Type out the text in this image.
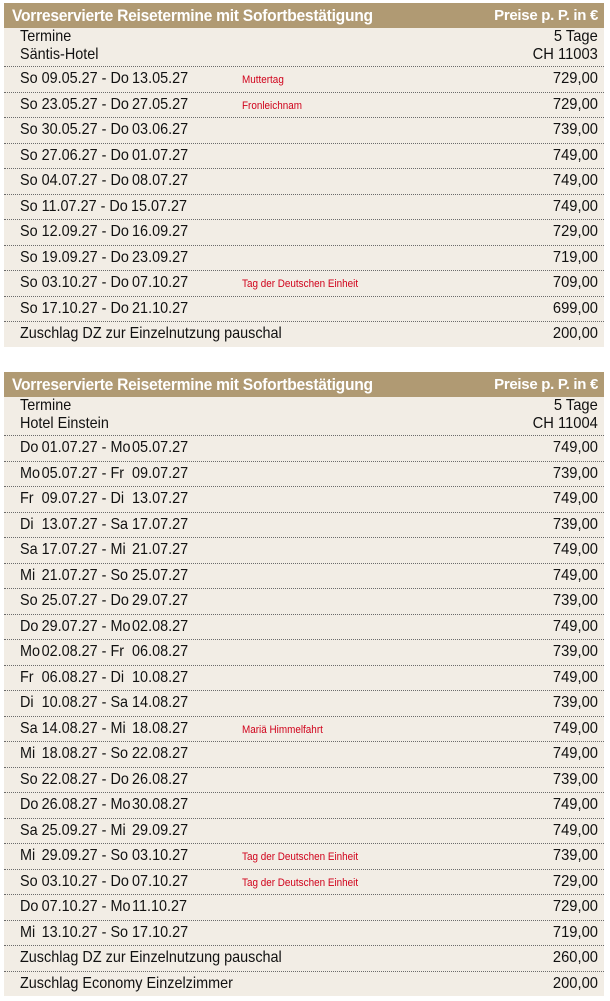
Vorreservierte Reisetermine mit Sofortbestätigung	Preise p. P. in €
Termine	5 Tage
Säntis-Hotel	CH 11003
So 09.05.27 - Do 13.05.27	Muttertag	729,00
So 23.05.27 - Do 27.05.27	Fronleichnam	729,00
So 30.05.27 - Do 03.06.27	739,00
So 27.06.27 - Do 01.07.27	749,00
So 04.07.27 - Do 08.07.27	749,00
So 11.07.27 - Do 15.07.27	749,00
So 12.09.27 - Do 16.09.27	729,00
So 19.09.27 - Do 23.09.27	719,00
So 03.10.27 - Do 07.10.27	Tag der Deutschen Einheit	709,00
So 17.10.27 - Do 21.10.27	699,00
Zuschlag DZ zur Einzelnutzung pauschal	200,00
Vorreservierte Reisetermine mit Sofortbestätigung	Preise p. P. in €
Termine	5 Tage
Hotel Einstein	CH 11004
Do 01.07.27 - Mo05.07.27	749,00
Mo05.07.27 - Fr 09.07.27	739,00
Fr 09.07.27 - Di 13.07.27	749,00
Di 13.07.27 - Sa 17.07.27	739,00
Sa 17.07.27 - Mi 21.07.27	749,00
Mi 21.07.27 - So 25.07.27	749,00
So 25.07.27 - Do 29.07.27	739,00
Do 29.07.27 - Mo02.08.27	749,00
Mo02.08.27 - Fr 06.08.27	739,00
Fr 06.08.27 - Di 10.08.27	749,00
Di 10.08.27 - Sa 14.08.27	739,00
Sa 14.08.27 - Mi 18.08.27	Mariä Himmelfahrt	749,00
Mi 18.08.27 - So 22.08.27	749,00
So 22.08.27 - Do 26.08.27	739,00
Do 26.08.27 - Mo30.08.27	749,00
Sa 25.09.27 - Mi 29.09.27	749,00
Mi 29.09.27 - So 03.10.27	Tag der Deutschen Einheit	739,00
So 03.10.27 - Do 07.10.27	Tag der Deutschen Einheit	729,00
Do 07.10.27 - Mo11.10.27	729,00
Mi 13.10.27 - So 17.10.27	719,00
Zuschlag DZ zur Einzelnutzung pauschal	260,00
Zuschlag Economy Einzelzimmer	200,00
